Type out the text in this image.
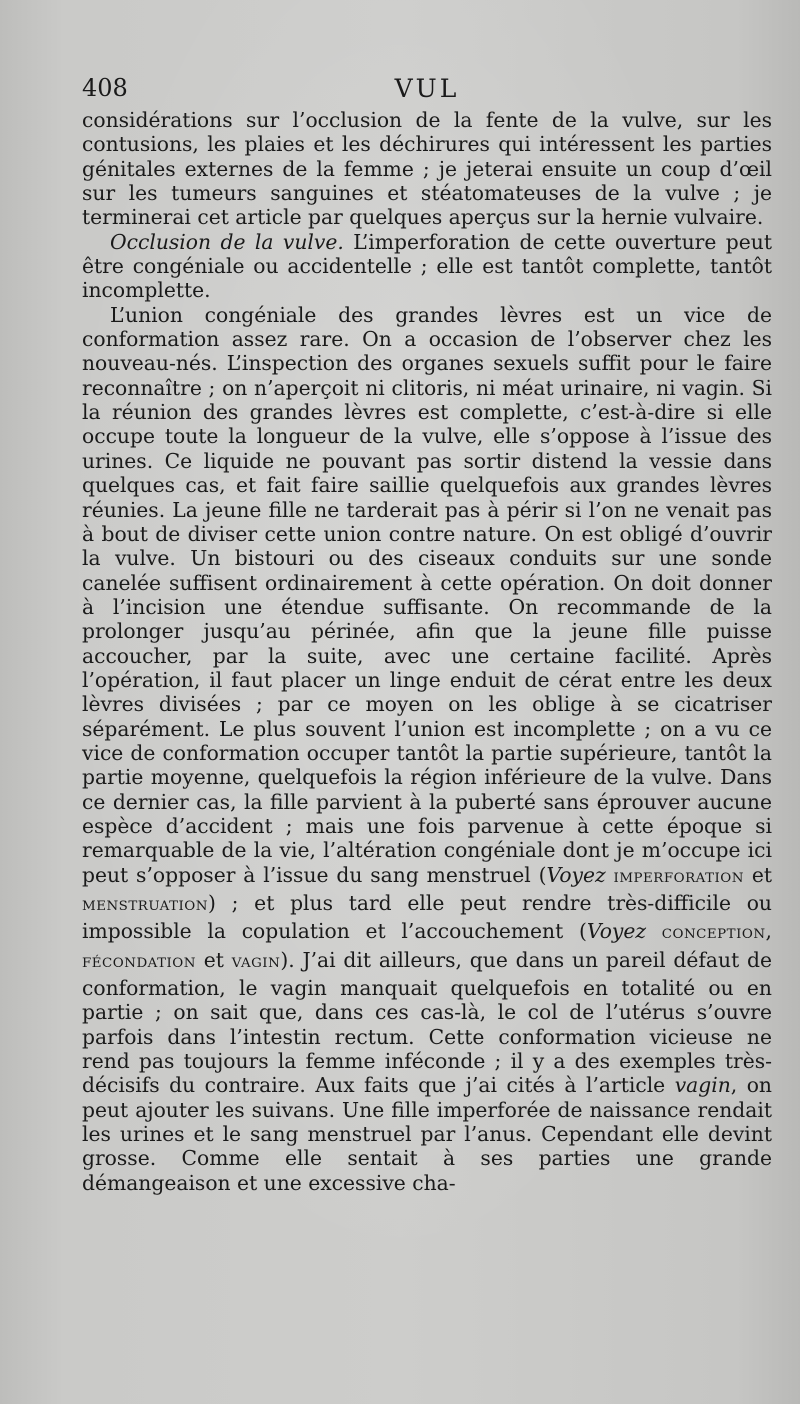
408	VUL

considérations sur l’occlusion de la fente de la vulve, sur les contusions, les plaies et les déchirures qui intéressent les parties génitales externes de la femme ; je jeterai ensuite un coup d’œil sur les tumeurs sanguines et stéatomateuses de la vulve ; je terminerai cet article par quelques aperçus sur la hernie vulvaire.

Occlusion de la vulve. L’imperforation de cette ouverture peut être congéniale ou accidentelle ; elle est tantôt complette, tantôt incomplette.

L’union congéniale des grandes lèvres est un vice de conformation assez rare. On a occasion de l’observer chez les nouveau-nés. L’inspection des organes sexuels suffit pour le faire reconnaître ; on n’aperçoit ni clitoris, ni méat urinaire, ni vagin. Si la réunion des grandes lèvres est complette, c’est-à-dire si elle occupe toute la longueur de la vulve, elle s’oppose à l’issue des urines. Ce liquide ne pouvant pas sortir distend la vessie dans quelques cas, et fait faire saillie quelquefois aux grandes lèvres réunies. La jeune fille ne tarderait pas à périr si l’on ne venait pas à bout de diviser cette union contre nature. On est obligé d’ouvrir la vulve. Un bistouri ou des ciseaux conduits sur une sonde canelée suffisent ordinairement à cette opération. On doit donner à l’incision une étendue suffisante. On recommande de la prolonger jusqu’au périnée, afin que la jeune fille puisse accoucher, par la suite, avec une certaine facilité. Après l’opération, il faut placer un linge enduit de cérat entre les deux lèvres divisées ; par ce moyen on les oblige à se cicatriser séparément. Le plus souvent l’union est incomplette ; on a vu ce vice de conformation occuper tantôt la partie supérieure, tantôt la partie moyenne, quelquefois la région inférieure de la vulve. Dans ce dernier cas, la fille parvient à la puberté sans éprouver aucune espèce d’accident ; mais une fois parvenue à cette époque si remarquable de la vie, l’altération congéniale dont je m’occupe ici peut s’opposer à l’issue du sang menstruel (Voyez IMPERFORATION et MENSTRUATION) ; et plus tard elle peut rendre très-difficile ou impossible la copulation et l’accouchement (Voyez CONCEPTION, FÉCONDATION et VAGIN). J’ai dit ailleurs, que dans un pareil défaut de conformation, le vagin manquait quelquefois en totalité ou en partie ; on sait que, dans ces cas-là, le col de l’utérus s’ouvre parfois dans l’intestin rectum. Cette conformation vicieuse ne rend pas toujours la femme inféconde ; il y a des exemples très-décisifs du contraire. Aux faits que j’ai cités à l’article vagin, on peut ajouter les suivans. Une fille imperforée de naissance rendait les urines et le sang menstruel par l’anus. Cependant elle devint grosse. Comme elle sentait à ses parties une grande démangeaison et une excessive cha-
